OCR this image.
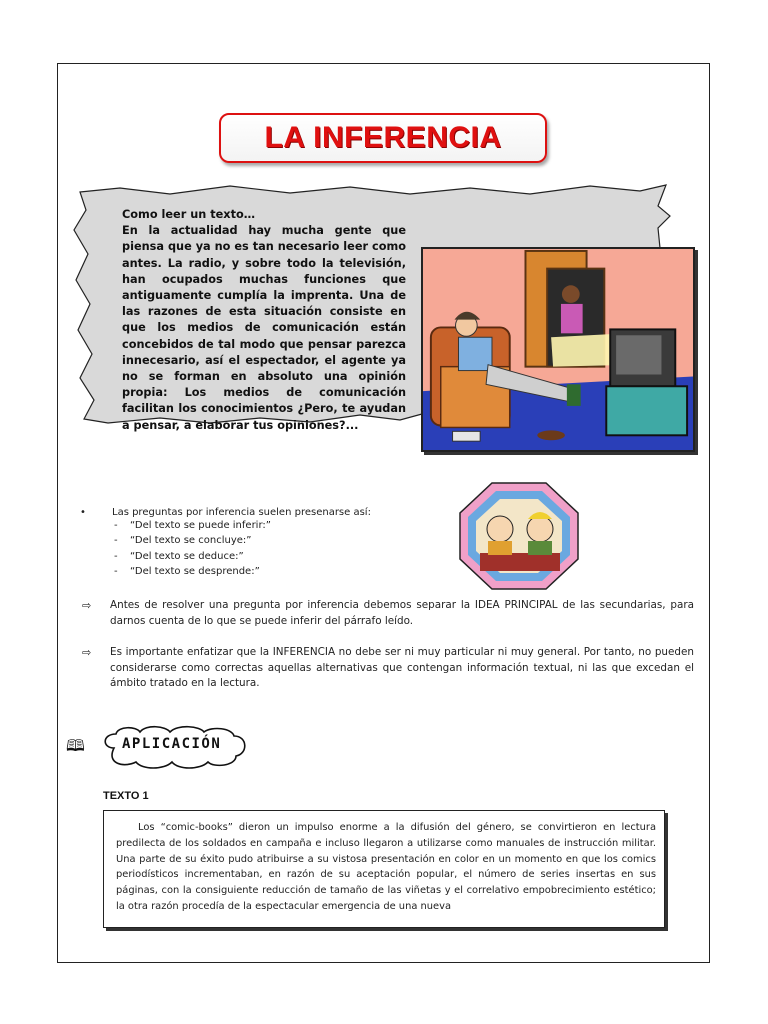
LA INFERENCIA
Como leer un texto…
En la actualidad hay mucha gente que piensa que ya no es tan necesario leer como antes. La radio, y sobre todo la televisión, han ocupados muchas funciones que antiguamente cumplía la imprenta. Una de las razones de esta situación consiste en que los medios de comunicación están concebidos de tal modo que pensar parezca innecesario, así el espectador, el agente ya no se forman en absoluto una opinión propia: Los medios de comunicación facilitan los conocimientos ¿Pero, te ayudan a pensar, a elaborar tus opiniones?...
•	Las preguntas por inferencia suelen presenarse así:
-	“Del texto se puede inferir:”
-	“Del texto se concluye:”
-	“Del texto se deduce:”
-	“Del texto se desprende:”
⇨	Antes de resolver una pregunta por inferencia debemos separar la IDEA PRINCIPAL de las secundarias, para darnos cuenta de lo que se puede inferir del párrafo leído.
⇨	Es importante enfatizar que la INFERENCIA no debe ser ni muy particular ni muy general. Por tanto, no pueden considerarse como correctas aquellas alternativas que contengan información textual, ni las que excedan el ámbito tratado en la lectura.
🕮	APLICACIÓN
TEXTO 1

Los “comic-books” dieron un impulso enorme a la difusión del género, se convirtieron en lectura predilecta de los soldados en campaña e incluso llegaron a utilizarse como manuales de instrucción militar. Una parte de su éxito pudo atribuirse a su vistosa presentación en color en un momento en que los comics periodísticos incrementaban, en razón de su aceptación popular, el número de series insertas en sus páginas, con la consiguiente reducción de tamaño de las viñetas y el correlativo empobrecimiento estético; la otra razón procedía de la espectacular emergencia de una nueva
